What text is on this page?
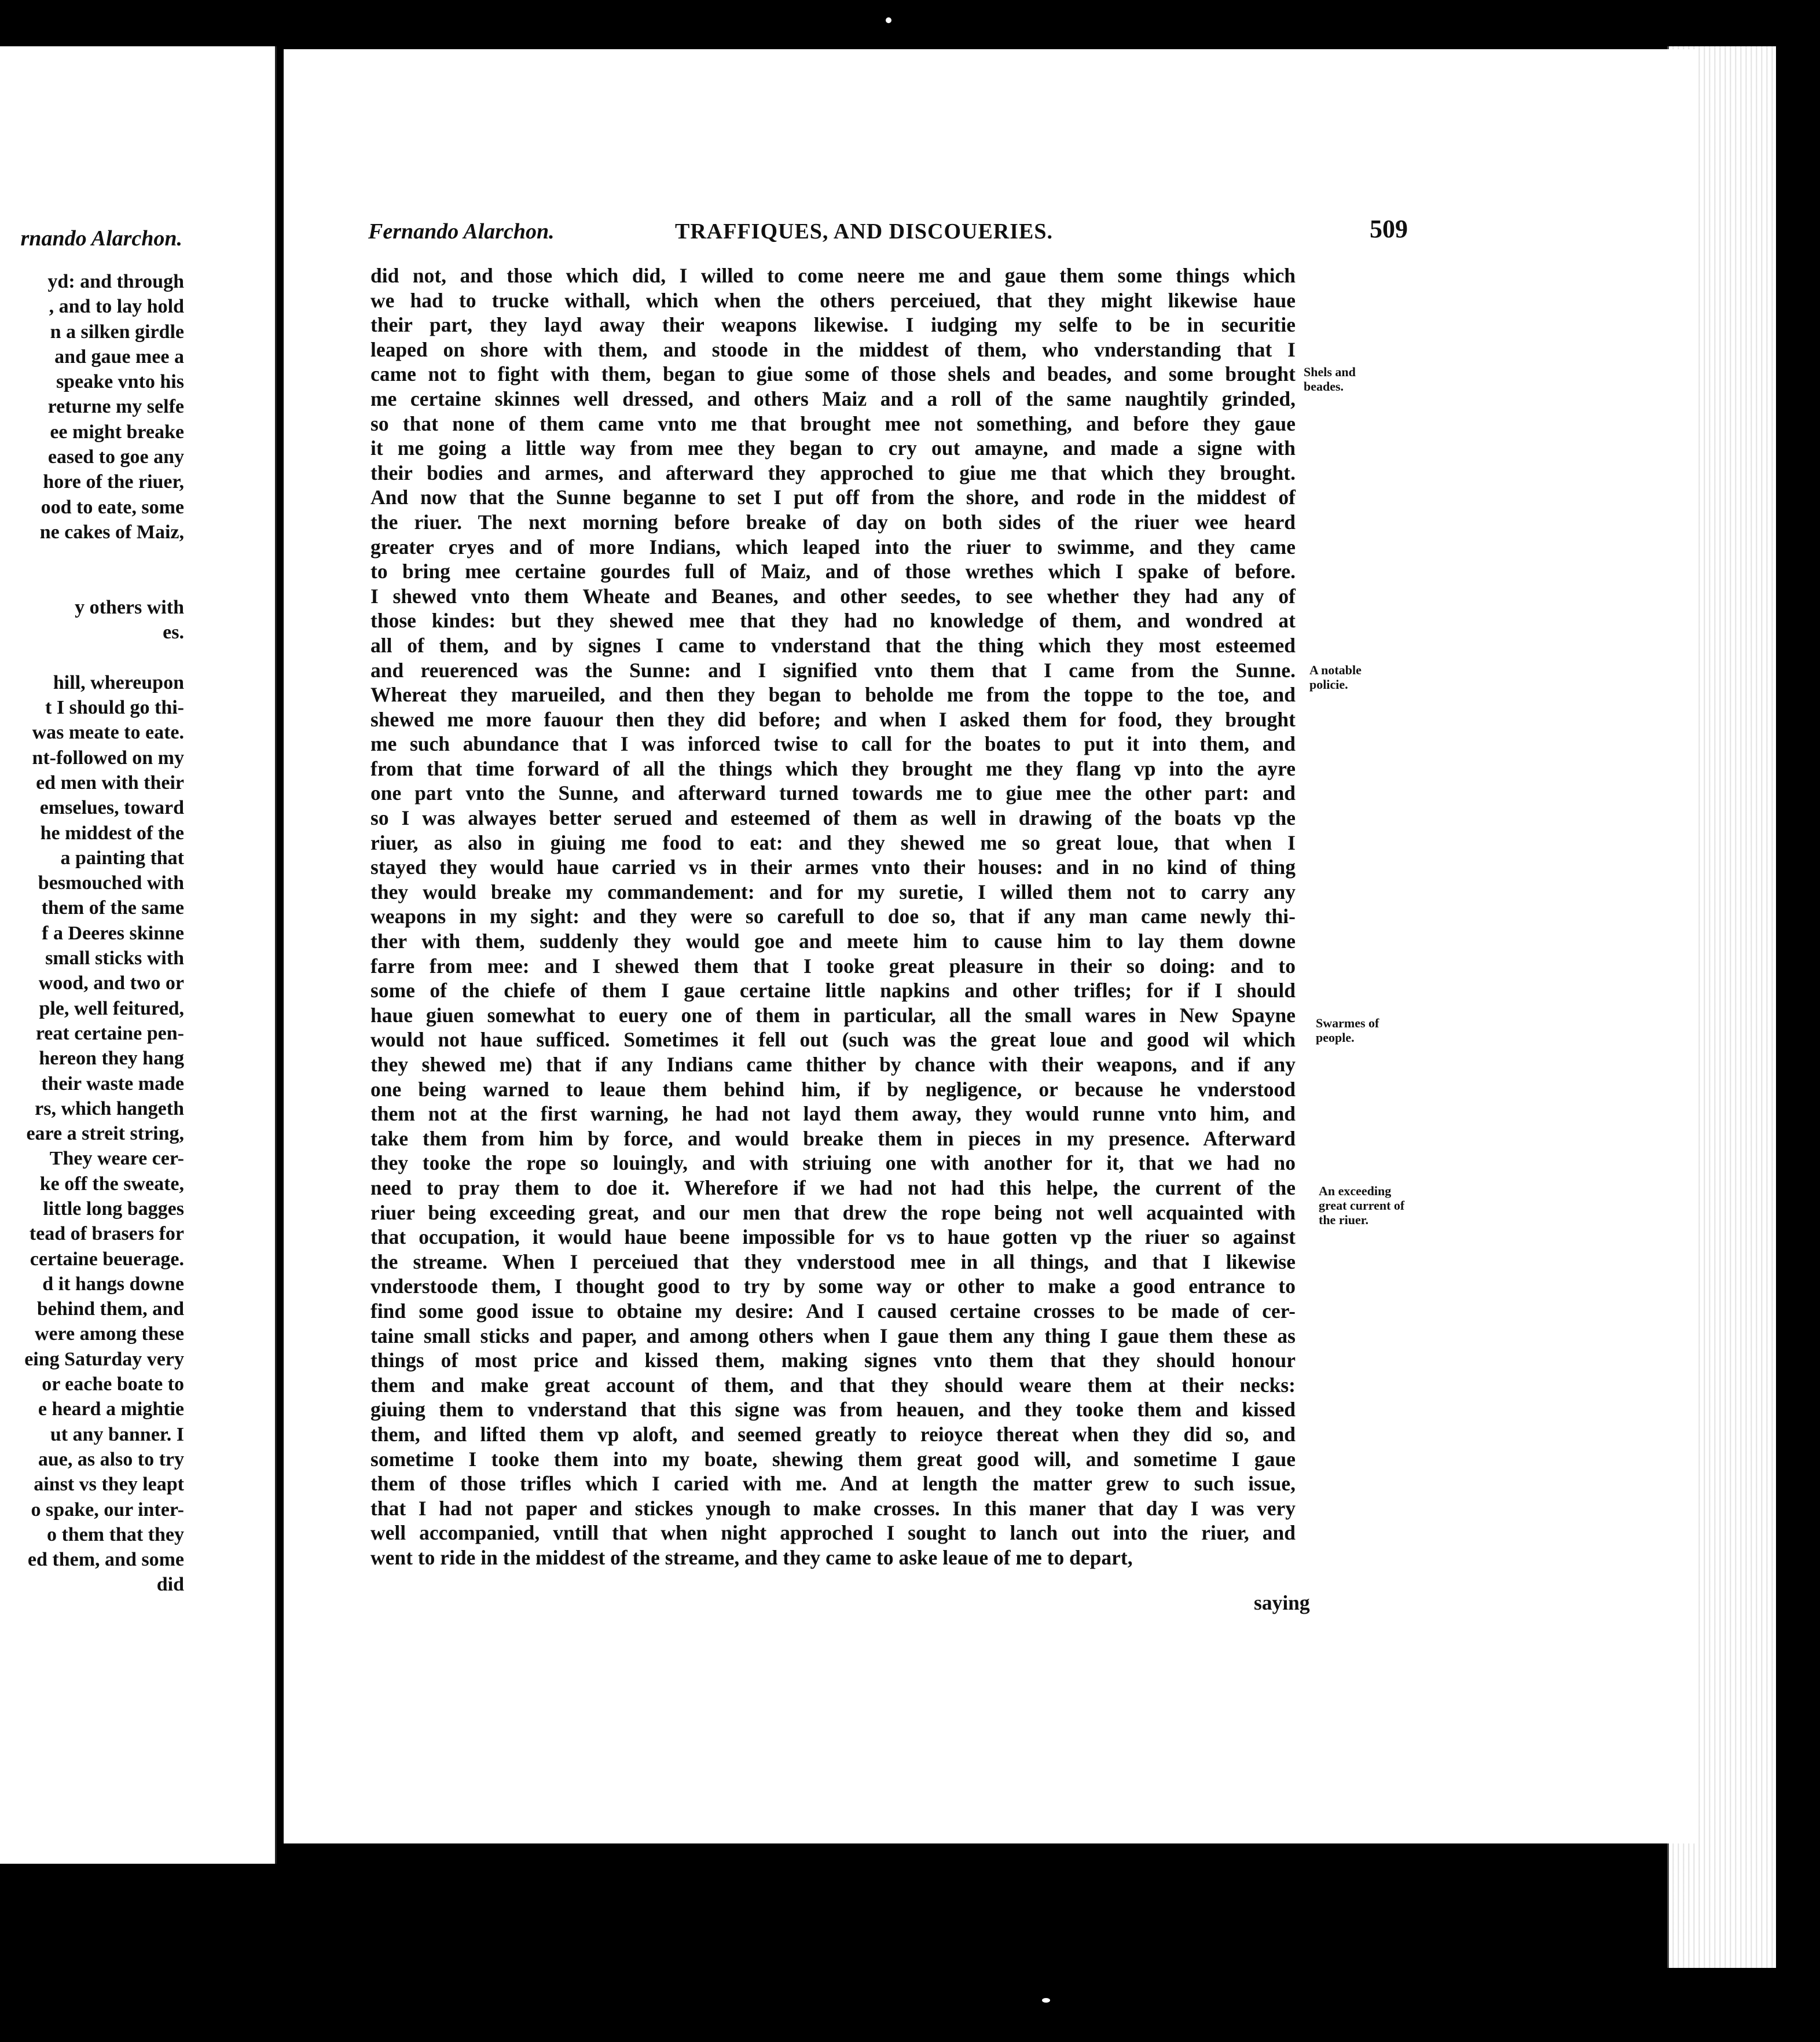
rnando Alarchon.
yd: and through
, and to lay hold
n a silken girdle
and gaue mee a
speake vnto his
returne my selfe
ee might breake
eased to goe any
hore of the riuer,
ood to eate, some
ne cakes of Maiz,
y others with
es.
hill, whereupon
t I should go thi-
was meate to eate.
nt-followed on my
ed men with their
emselues, toward
he middest of the
a painting that
besmouched with
them of the same
f a Deeres skinne
small sticks with
wood, and two or
ple, well feitured,
reat certaine pen-
hereon they hang
their waste made
rs, which hangeth
eare a streit string,
They weare cer-
ke off the sweate,
little long bagges
tead of brasers for
certaine beuerage.
d it hangs downe
behind them, and
were among these
eing Saturday very
or eache boate to
e heard a mightie
ut any banner. I
aue, as also to try
ainst vs they leapt
o spake, our inter-
o them that they
ed them, and some
did
Fernando Alarchon.	TRAFFIQUES, AND DISCOUERIES.	509
did not, and those which did, I willed to come neere me and gaue them some things which
we had to trucke withall, which when the others perceiued, that they might likewise haue
their part, they layd away their weapons likewise. I iudging my selfe to be in securitie
leaped on shore with them, and stoode in the middest of them, who vnderstanding that I
came not to fight with them, began to giue some of those shels and beades, and some brought
me certaine skinnes well dressed, and others Maiz and a roll of the same naughtily grinded,
so that none of them came vnto me that brought mee not something, and before they gaue
it me going a little way from mee they began to cry out amayne, and made a signe with
their bodies and armes, and afterward they approched to giue me that which they brought.
And now that the Sunne beganne to set I put off from the shore, and rode in the middest of
the riuer. The next morning before breake of day on both sides of the riuer wee heard
greater cryes and of more Indians, which leaped into the riuer to swimme, and they came
to bring mee certaine gourdes full of Maiz, and of those wrethes which I spake of before.
I shewed vnto them Wheate and Beanes, and other seedes, to see whether they had any of
those kindes: but they shewed mee that they had no knowledge of them, and wondred at
all of them, and by signes I came to vnderstand that the thing which they most esteemed
and reuerenced was the Sunne: and I signified vnto them that I came from the Sunne.
Whereat they marueiled, and then they began to beholde me from the toppe to the toe, and
shewed me more fauour then they did before; and when I asked them for food, they brought
me such abundance that I was inforced twise to call for the boates to put it into them, and
from that time forward of all the things which they brought me they flang vp into the ayre
one part vnto the Sunne, and afterward turned towards me to giue mee the other part: and
so I was alwayes better serued and esteemed of them as well in drawing of the boats vp the
riuer, as also in giuing me food to eat: and they shewed me so great loue, that when I
stayed they would haue carried vs in their armes vnto their houses: and in no kind of thing
they would breake my commandement: and for my suretie, I willed them not to carry any
weapons in my sight: and they were so carefull to doe so, that if any man came newly thi-
ther with them, suddenly they would goe and meete him to cause him to lay them downe
farre from mee: and I shewed them that I tooke great pleasure in their so doing: and to
some of the chiefe of them I gaue certaine little napkins and other trifles; for if I should
haue giuen somewhat to euery one of them in particular, all the small wares in New Spayne
would not haue sufficed. Sometimes it fell out (such was the great loue and good wil which
they shewed me) that if any Indians came thither by chance with their weapons, and if any
one being warned to leaue them behind him, if by negligence, or because he vnderstood
them not at the first warning, he had not layd them away, they would runne vnto him, and
take them from him by force, and would breake them in pieces in my presence. Afterward
they tooke the rope so louingly, and with striuing one with another for it, that we had no
need to pray them to doe it. Wherefore if we had not had this helpe, the current of the
riuer being exceeding great, and our men that drew the rope being not well acquainted with
that occupation, it would haue beene impossible for vs to haue gotten vp the riuer so against
the streame. When I perceiued that they vnderstood mee in all things, and that I likewise
vnderstoode them, I thought good to try by some way or other to make a good entrance to
find some good issue to obtaine my desire: And I caused certaine crosses to be made of cer-
taine small sticks and paper, and among others when I gaue them any thing I gaue them these as
things of most price and kissed them, making signes vnto them that they should honour
them and make great account of them, and that they should weare them at their necks:
giuing them to vnderstand that this signe was from heauen, and they tooke them and kissed
them, and lifted them vp aloft, and seemed greatly to reioyce thereat when they did so, and
sometime I tooke them into my boate, shewing them great good will, and sometime I gaue
them of those trifles which I caried with me. And at length the matter grew to such issue,
that I had not paper and stickes ynough to make crosses. In this maner that day I was very
well accompanied, vntill that when night approched I sought to lanch out into the riuer, and
went to ride in the middest of the streame, and they came to aske leaue of me to depart,
saying
Shels and
beades.
A notable
policie.
Swarmes of
people.
An exceeding
great current of
the riuer.
